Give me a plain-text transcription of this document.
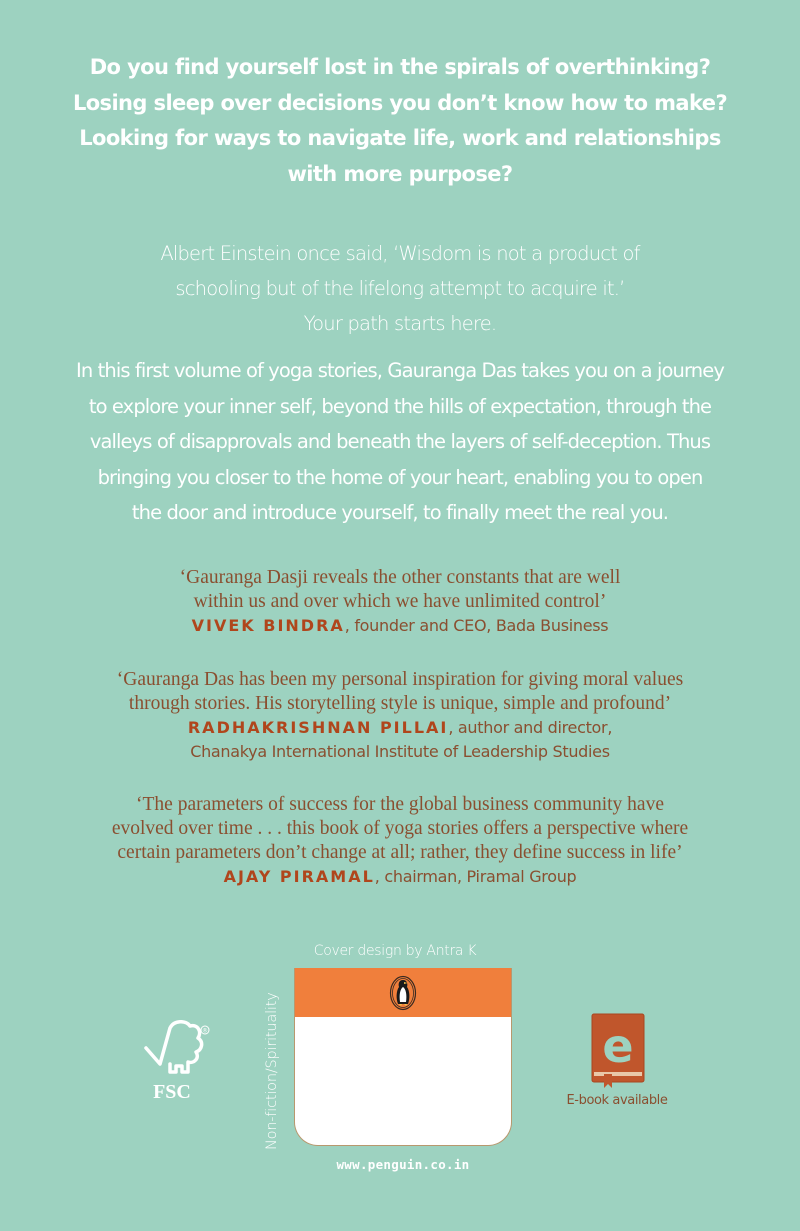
Do you find yourself lost in the spirals of overthinking?
Losing sleep over decisions you don’t know how to make?
Looking for ways to navigate life, work and relationships
with more purpose?
Albert Einstein once said, ‘Wisdom is not a product of
schooling but of the lifelong attempt to acquire it.’
Your path starts here.
In this first volume of yoga stories, Gauranga Das takes you on a journey
to explore your inner self, beyond the hills of expectation, through the
valleys of disapprovals and beneath the layers of self-deception. Thus
bringing you closer to the home of your heart, enabling you to open
the door and introduce yourself, to finally meet the real you.
‘Gauranga Dasji reveals the other constants that are well
within us and over which we have unlimited control’
VIVEK BINDRA, founder and CEO, Bada Business
‘Gauranga Das has been my personal inspiration for giving moral values
through stories. His storytelling style is unique, simple and profound’
RADHAKRISHNAN PILLAI, author and director,
Chanakya International Institute of Leadership Studies
‘The parameters of success for the global business community have
evolved over time . . . this book of yoga stories offers a perspective where
certain parameters don’t change at all; rather, they define success in life’
AJAY PIRAMAL, chairman, Piramal Group
®
FSC
Cover design by Antra K
Non-fiction/Spirituality
www.penguin.co.in
e
E-book available
